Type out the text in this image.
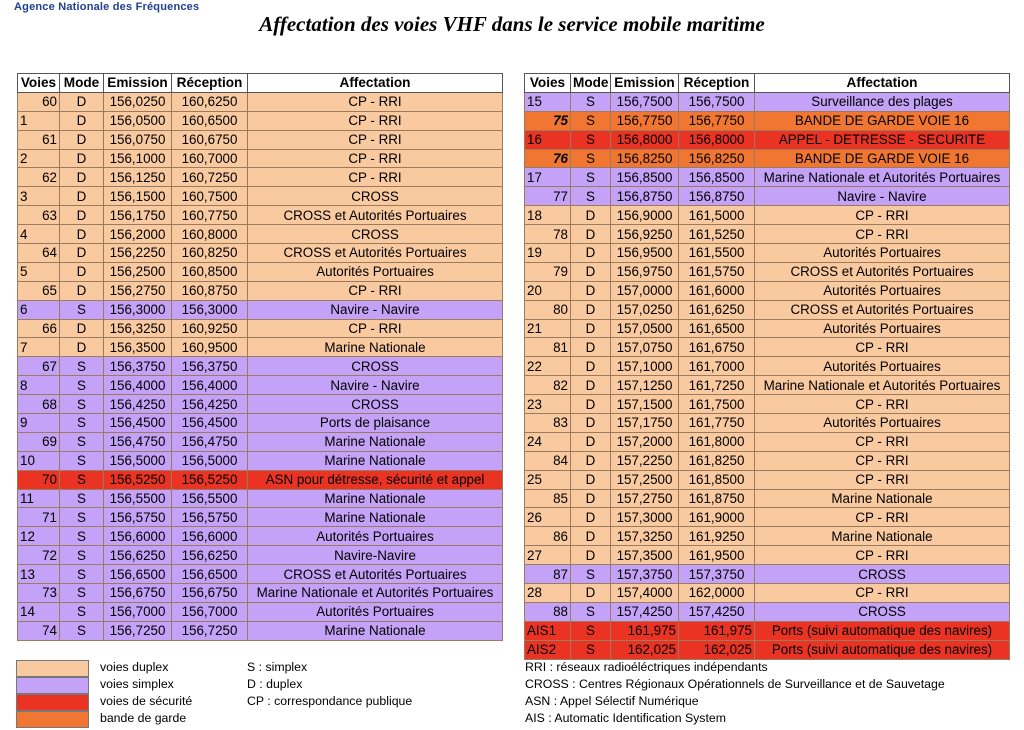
Agence Nationale des Fréquences
Affectation des voies VHF dans le service mobile maritime
Voies	Mode	Emission	Réception	Affectation
60	D	156,0250	160,6250	CP - RRI
1	D	156,0500	160,6500	CP - RRI
61	D	156,0750	160,6750	CP - RRI
2	D	156,1000	160,7000	CP - RRI
62	D	156,1250	160,7250	CP - RRI
3	D	156,1500	160,7500	CROSS
63	D	156,1750	160,7750	CROSS et Autorités Portuaires
4	D	156,2000	160,8000	CROSS
64	D	156,2250	160,8250	CROSS et Autorités Portuaires
5	D	156,2500	160,8500	Autorités Portuaires
65	D	156,2750	160,8750	CP - RRI
6	S	156,3000	156,3000	Navire - Navire
66	D	156,3250	160,9250	CP - RRI
7	D	156,3500	160,9500	Marine Nationale
67	S	156,3750	156,3750	CROSS
8	S	156,4000	156,4000	Navire - Navire
68	S	156,4250	156,4250	CROSS
9	S	156,4500	156,4500	Ports de plaisance
69	S	156,4750	156,4750	Marine Nationale
10	S	156,5000	156,5000	Marine Nationale
70	S	156,5250	156,5250	ASN pour détresse, sécurité et appel
11	S	156,5500	156,5500	Marine Nationale
71	S	156,5750	156,5750	Marine Nationale
12	S	156,6000	156,6000	Autorités Portuaires
72	S	156,6250	156,6250	Navire-Navire
13	S	156,6500	156,6500	CROSS et Autorités Portuaires
73	S	156,6750	156,6750	Marine Nationale et Autorités Portuaires
14	S	156,7000	156,7000	Autorités Portuaires
74	S	156,7250	156,7250	Marine Nationale
Voies	Mode	Emission	Réception	Affectation
15	S	156,7500	156,7500	Surveillance des plages
75	S	156,7750	156,7750	BANDE DE GARDE VOIE 16
16	S	156,8000	156,8000	APPEL - DETRESSE - SECURITE
76	S	156,8250	156,8250	BANDE DE GARDE VOIE 16
17	S	156,8500	156,8500	Marine Nationale et Autorités Portuaires
77	S	156,8750	156,8750	Navire - Navire
18	D	156,9000	161,5000	CP - RRI
78	D	156,9250	161,5250	CP - RRI
19	D	156,9500	161,5500	Autorités Portuaires
79	D	156,9750	161,5750	CROSS et Autorités Portuaires
20	D	157,0000	161,6000	Autorités Portuaires
80	D	157,0250	161,6250	CROSS et Autorités Portuaires
21	D	157,0500	161,6500	Autorités Portuaires
81	D	157,0750	161,6750	CP - RRI
22	D	157,1000	161,7000	Autorités Portuaires
82	D	157,1250	161,7250	Marine Nationale et Autorités Portuaires
23	D	157,1500	161,7500	CP - RRI
83	D	157,1750	161,7750	Autorités Portuaires
24	D	157,2000	161,8000	CP - RRI
84	D	157,2250	161,8250	CP - RRI
25	D	157,2500	161,8500	CP - RRI
85	D	157,2750	161,8750	Marine Nationale
26	D	157,3000	161,9000	CP - RRI
86	D	157,3250	161,9250	Marine Nationale
27	D	157,3500	161,9500	CP - RRI
87	S	157,3750	157,3750	CROSS
28	D	157,4000	162,0000	CP - RRI
88	S	157,4250	157,4250	CROSS
AIS1	S	161,975	161,975	Ports (suivi automatique des navires)
AIS2	S	162,025	162,025	Ports (suivi automatique des navires)
voies duplex
voies simplex
voies de sécurité
bande de garde
S : simplex
D : duplex
CP : correspondance publique
RRI : réseaux radioéléctriques indépendants
CROSS : Centres Régionaux Opérationnels de Surveillance et de Sauvetage
ASN : Appel Sélectif Numérique
AIS : Automatic Identification System
